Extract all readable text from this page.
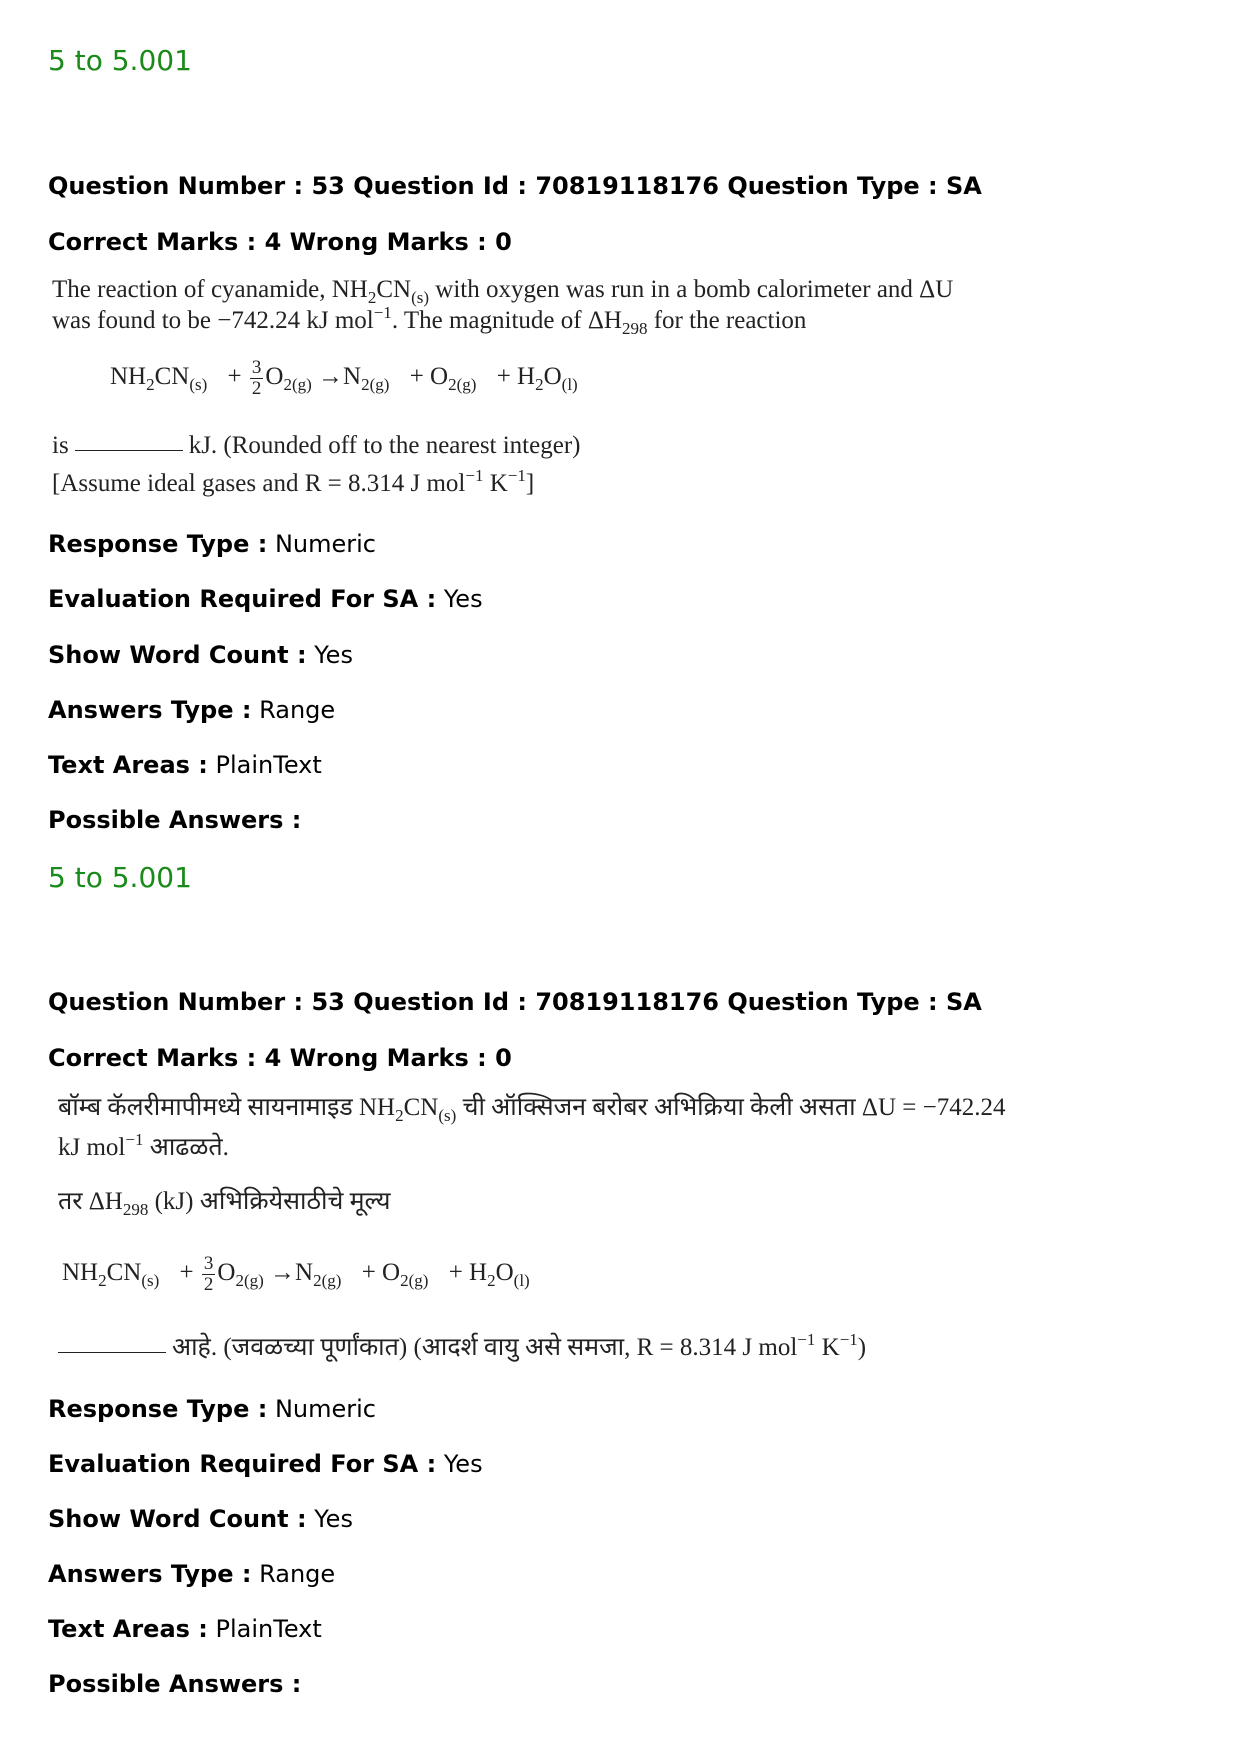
5 to 5.001
Question Number : 53 Question Id : 70819118176 Question Type : SA
Correct Marks : 4 Wrong Marks : 0
The reaction of cyanamide, $NH_2CN_{(s)}$ with oxygen was run in a bomb calorimeter and ΔU
was found to be −742.24 kJ mol$^{-1}$. The magnitude of $\Delta H_{298}$ for the reaction
$NH_2CN_{(s)} + \frac{3}{2} O_{2(g)} \to N_{2(g)} + O_{2(g)} + H_2O_{(l)}$
is	kJ. (Rounded off to the nearest integer)
[Assume ideal gases and R = 8.314 J mol$^{-1}$ $K^{-1}$]
Response Type : Numeric
Evaluation Required For SA : Yes
Show Word Count : Yes
Answers Type : Range
Text Areas : PlainText
Possible Answers :
5 to 5.001
Question Number : 53 Question Id : 70819118176 Question Type : SA
Correct Marks : 4 Wrong Marks : 0
बॉम्ब कॅलरीमापीमध्ये सायनामाइड $NH_2CN_{(s)}$ ची ऑक्सिजन बरोबर अभिक्रिया केली असता ΔU = −742.24
kJ mol$^{-1}$ आढळते.
तर $\Delta H_{298}$ (kJ) अभिक्रियेसाठीचे मूल्य
$NH_2CN_{(s)} + \frac{3}{2} O_{2(g)} \to N_{2(g)} + O_{2(g)} + H_2O_{(l)}$
आहे. (जवळच्या पूर्णांकात) (आदर्श वायु असे समजा, R = 8.314 J mol$^{-1}$ $K^{-1}$)
Response Type : Numeric
Evaluation Required For SA : Yes
Show Word Count : Yes
Answers Type : Range
Text Areas : PlainText
Possible Answers :
